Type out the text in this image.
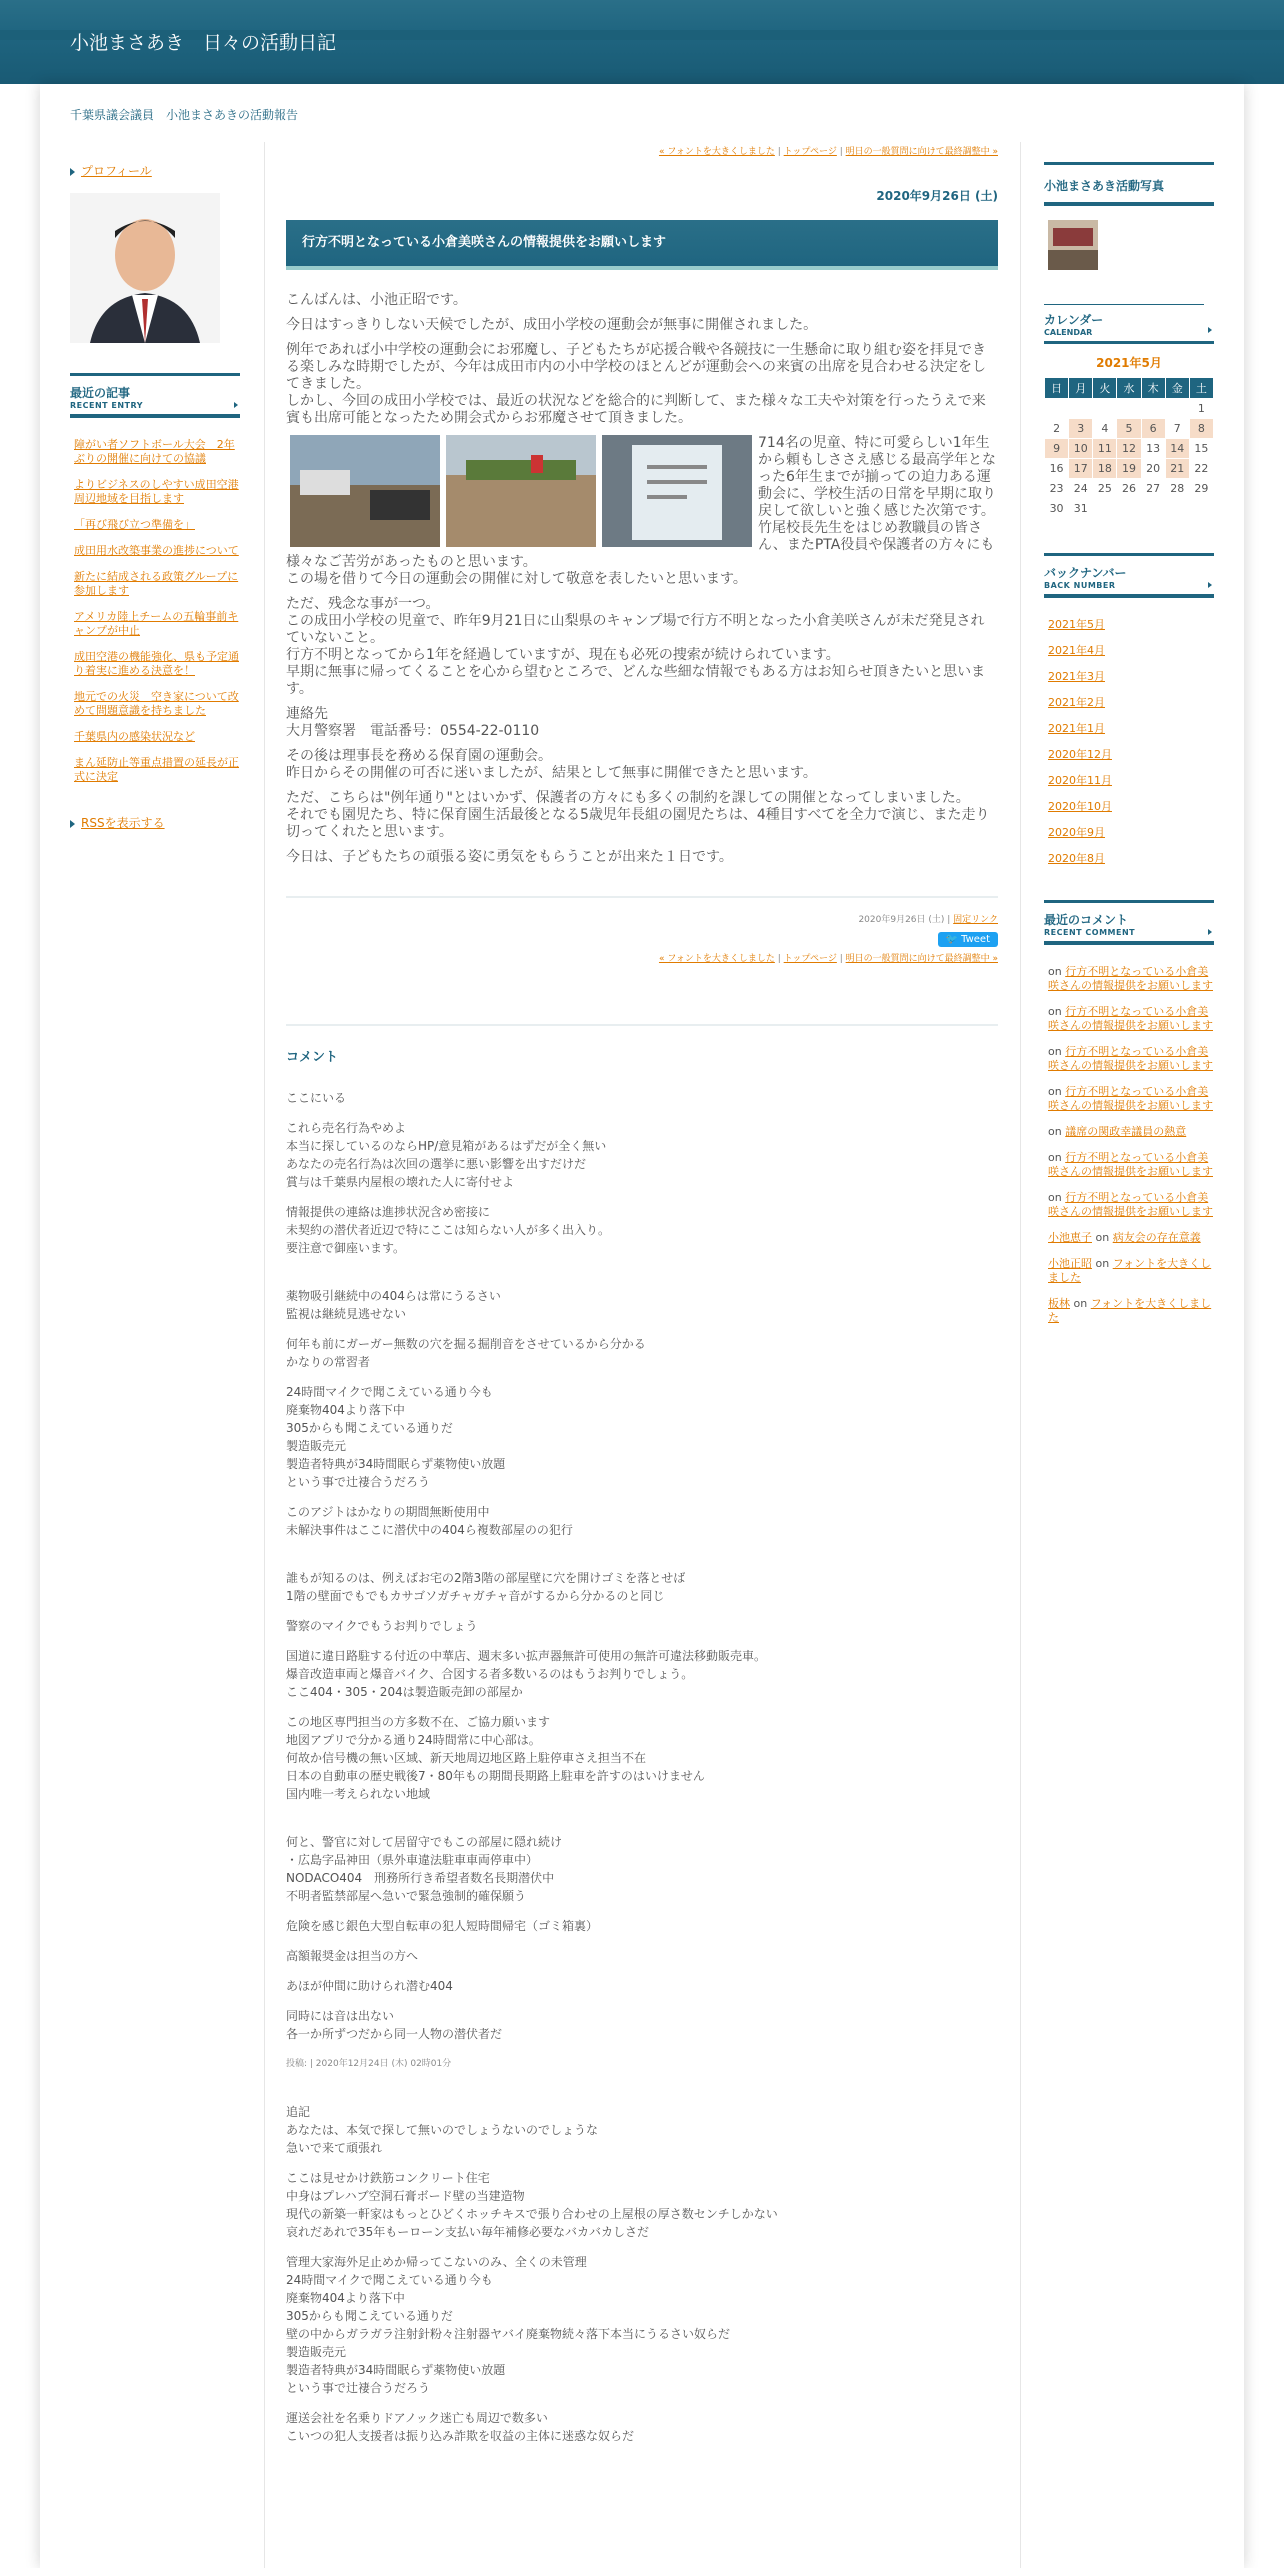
小池まさあき　日々の活動日記
千葉県議会議員　小池まさあきの活動報告
プロフィール
最近の記事
RECENT ENTRY
障がい者ソフトボール大会　2年ぶりの開催に向けての協議
よりビジネスのしやすい成田空港周辺地域を目指します
「再び飛び立つ準備を」
成田用水改築事業の進捗について
新たに結成される政策グループに参加します
アメリカ陸上チームの五輪事前キャンプが中止
成田空港の機能強化、県も予定通り着実に進める決意を！
地元での火災　空き家について改めて問題意識を持ちました
千葉県内の感染状況など
まん延防止等重点措置の延長が正式に決定
RSSを表示する
« フォントを大きくしました | トップページ | 明日の一般質問に向けて最終調整中 »
2020年9月26日 (土)
行方不明となっている小倉美咲さんの情報提供をお願いします

こんばんは、小池正昭です。

今日はすっきりしない天候でしたが、成田小学校の運動会が無事に開催されました。

例年であれば小中学校の運動会にお邪魔し、子どもたちが応援合戦や各競技に一生懸命に取り組む姿を拝見できる楽しみな時期でしたが、今年は成田市内の小中学校のほとんどが運動会への来賓の出席を見合わせる決定をしてきました。
しかし、今回の成田小学校では、最近の状況などを総合的に判断して、また様々な工夫や対策を行ったうえで来賓も出席可能となったため開会式からお邪魔させて頂きました。

714名の児童、特に可愛らしい1年生から頼もしささえ感じる最高学年となった6年生までが揃っての迫力ある運動会に、学校生活の日常を早期に取り戻して欲しいと強く感じた次第です。
竹尾校長先生をはじめ教職員の皆さん、またPTA役員や保護者の方々にも様々なご苦労があったものと思います。
この場を借りて今日の運動会の開催に対して敬意を表したいと思います。

ただ、残念な事が一つ。
この成田小学校の児童で、昨年9月21日に山梨県のキャンプ場で行方不明となった小倉美咲さんが未だ発見されていないこと。
行方不明となってから1年を経過していますが、現在も必死の捜索が続けられています。
早期に無事に帰ってくることを心から望むところで、どんな些細な情報でもある方はお知らせ頂きたいと思います。

連絡先
大月警察署　電話番号：0554-22-0110

その後は理事長を務める保育園の運動会。
昨日からその開催の可否に迷いましたが、結果として無事に開催できたと思います。

ただ、こちらは"例年通り"とはいかず、保護者の方々にも多くの制約を課しての開催となってしまいました。
それでも園児たち、特に保育園生活最後となる5歳児年長組の園児たちは、4種目すべてを全力で演じ、また走り切ってくれたと思います。

今日は、子どもたちの頑張る姿に勇気をもらうことが出来た１日です。

2020年9月26日 (土) | 固定リンク
🐦 Tweet
« フォントを大きくしました | トップページ | 明日の一般質問に向けて最終調整中 »
コメント
ここにいる
これら売名行為やめよ
本当に探しているのならHP/意見箱があるはずだが全く無い
あなたの売名行為は次回の選挙に悪い影響を出すだけだ
賞与は千葉県内屋根の壊れた人に寄付せよ
情報提供の連絡は進捗状況含め密接に
未契約の潜伏者近辺で特にここは知らない人が多く出入り。
要注意で御座います。

薬物吸引継続中の404らは常にうるさい
監視は継続見逃せない
何年も前にガーガー無数の穴を掘る掘削音をさせているから分かる
かなりの常習者
24時間マイクで聞こえている通り今も
廃棄物404より落下中
305からも聞こえている通りだ
製造販売元
製造者特典が34時間眠らず薬物使い放題
という事で辻褄合うだろう
このアジトはかなりの期間無断使用中
未解決事件はここに潜伏中の404ら複数部屋のの犯行

誰もが知るのは、例えばお宅の2階3階の部屋壁に穴を開けゴミを落とせば
1階の壁面でもでもカサゴソガチャガチャ音がするから分かるのと同じ
警察のマイクでもうお判りでしょう
国道に違日路駐する付近の中華店、週末多い拡声器無許可使用の無許可違法移動販売車。
爆音改造車両と爆音バイク、合図する者多数いるのはもうお判りでしょう。
ここ404・305・204は製造販売卸の部屋か
この地区専門担当の方多数不在、ご協力願います
地図アプリで分かる通り24時間常に中心部は。
何故か信号機の無い区域、新天地周辺地区路上駐停車さえ担当不在
日本の自動車の歴史戦後7・80年もの期間長期路上駐車を許すのはいけません
国内唯一考えられない地域

何と、警官に対して居留守でもこの部屋に隠れ続け
・広島字品神田（県外車違法駐車車両停車中）
NODACO404　刑務所行き希望者数名長期潜伏中
不明者監禁部屋へ急いで緊急強制的確保願う
危険を感じ銀色大型自転車の犯人短時間帰宅（ゴミ箱裏）
高額報奨金は担当の方へ
あほが仲間に助けられ潜む404
同時には音は出ない
各一か所ずつだから同一人物の潜伏者だ
投稿: | 2020年12月24日 (木) 02時01分

追記
あなたは、本気で探して無いのでしょうないのでしょうな
急いで来て頑張れ
ここは見せかけ鉄筋コンクリート住宅
中身はプレハブ空洞石膏ボード壁の当建造物
現代の新築一軒家はもっとひどくホッチキスで張り合わせの上屋根の厚さ数センチしかない
哀れだあれで35年もーローン支払い毎年補修必要なバカバカしさだ
管理大家海外足止めか帰ってこないのみ、全くの未管理
24時間マイクで聞こえている通り今も
廃棄物404より落下中
305からも聞こえている通りだ
壁の中からガラガラ注射針粉々注射器ヤバイ廃棄物続々落下本当にうるさい奴らだ
製造販売元
製造者特典が34時間眠らず薬物使い放題
という事で辻褄合うだろう
運送会社を名乗りドアノック迷亡も周辺で数多い
こいつの犯人支援者は振り込み詐欺を収益の主体に迷惑な奴らだ
小池まさあき活動写真
カレンダー
CALENDAR
2021年5月
日	月	火	水	木	金	土
						1
2	3	4	5	6	7	8
9	10	11	12	13	14	15
16	17	18	19	20	21	22
23	24	25	26	27	28	29
30	31					
バックナンバー
BACK NUMBER
2021年5月
2021年4月
2021年3月
2021年2月
2021年1月
2020年12月
2020年11月
2020年10月
2020年9月
2020年8月
最近のコメント
RECENT COMMENT
on 行方不明となっている小倉美咲さんの情報提供をお願いします
on 行方不明となっている小倉美咲さんの情報提供をお願いします
on 行方不明となっている小倉美咲さんの情報提供をお願いします
on 行方不明となっている小倉美咲さんの情報提供をお願いします
on 議席の関政幸議員の熱意
on 行方不明となっている小倉美咲さんの情報提供をお願いします
on 行方不明となっている小倉美咲さんの情報提供をお願いします
小池恵子 on 病友会の存在意義
小池正昭 on フォントを大きくしました
板林 on フォントを大きくしました
